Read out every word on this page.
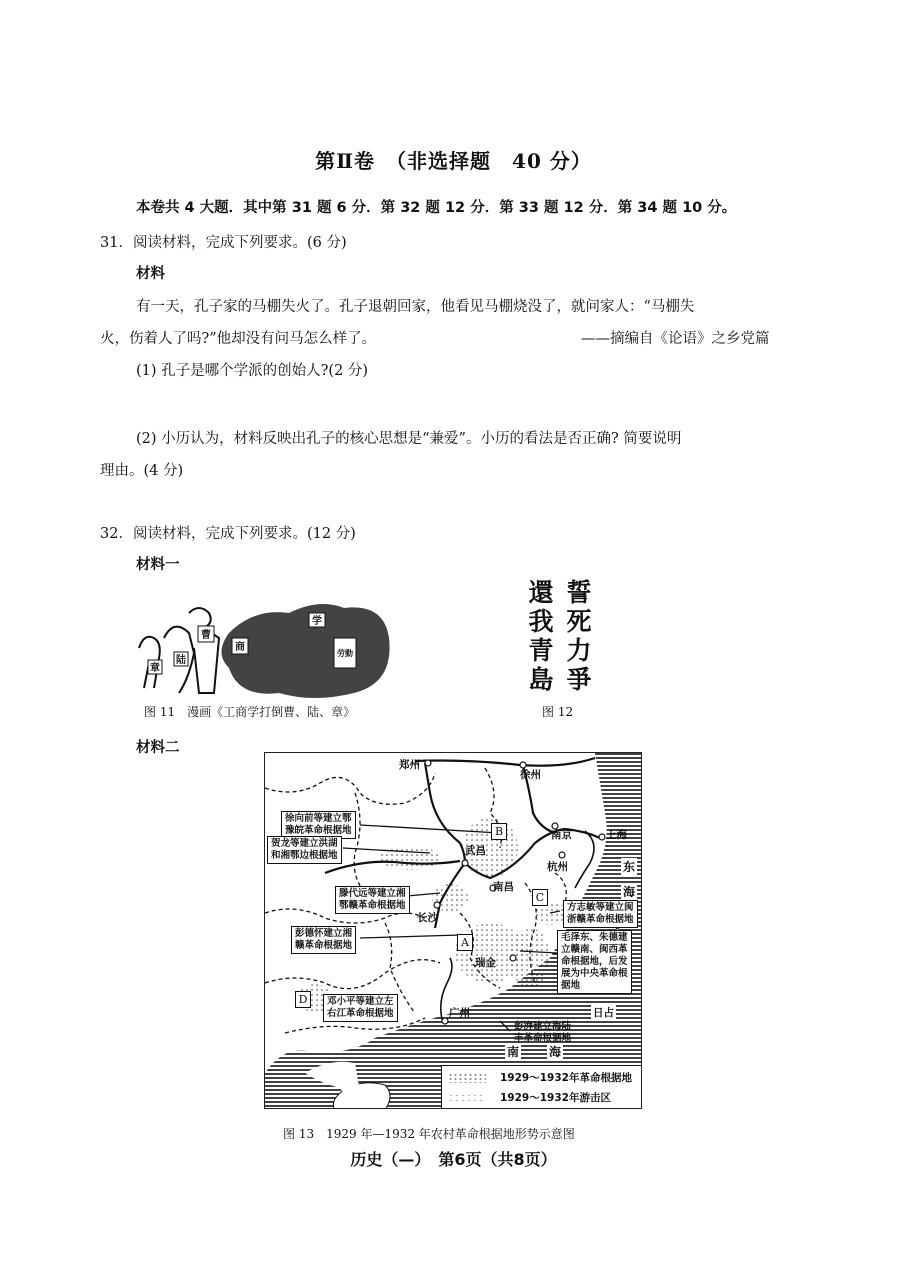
第Ⅱ卷　（非选择题　40 分）
本卷共 4 大题．其中第 31 题 6 分．第 32 题 12 分．第 33 题 12 分．第 34 题 10 分。
31．阅读材料，完成下列要求。(6 分)
材料
有一天，孔子家的马棚失火了。孔子退朝回家，他看见马棚烧没了，就问家人：“马棚失
火，伤着人了吗?”他却没有问马怎么样了。	——摘编自《论语》之乡党篇
(1) 孔子是哪个学派的创始人?(2 分)
(2) 小历认为，材料反映出孔子的核心思想是“兼爱”。小历的看法是否正确? 简要说明
理由。(4 分)
32．阅读材料，完成下列要求。(12 分)
材料一
章
陆
曹
商
学
劳動
图 11　漫画《工商学打倒曹、陆、章》
還
我
青
島
誓
死
力
爭
图 12
材料二
郑州
徐州
南京	上海
武昌
杭州
南昌
长沙
瑞金
广州
东
海
南 海
日占
B
C
A
D
徐向前等建立鄂
豫皖革命根据地
贺龙等建立洪湖
和湘鄂边根据地
滕代远等建立湘
鄂赣革命根据地
彭德怀建立湘
赣革命根据地
邓小平等建立左
右江革命根据地
方志敏等建立闽
浙赣革命根据地
毛泽东、朱德建
立赣南、闽西革
命根据地，后发
展为中央革命根
据地
彭湃建立海陆
丰革命根据地
1929～1932年革命根据地
1929～1932年游击区
图 13　1929 年—1932 年农村革命根据地形势示意图
历史（—）　第6页（共8页）
